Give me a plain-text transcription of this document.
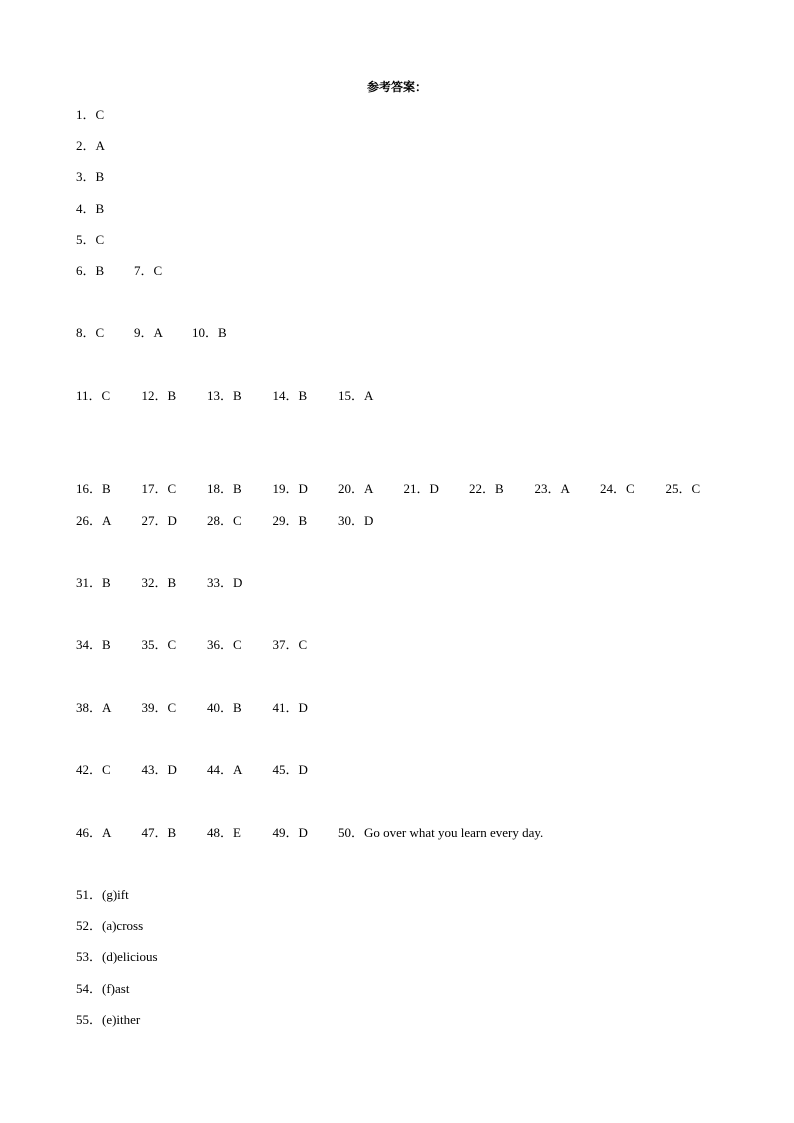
参考答案：
1．C
2．A
3．B
4．B
5．C
6．B 7．C
8．C 9．A 10．B
11．C 12．B 13．B 14．B 15．A
16．B 17．C 18．B 19．D 20．A 21．D 22．B 23．A 24．C 25．C
26．A 27．D 28．C 29．B 30．D
31．B 32．B 33．D
34．B 35．C 36．C 37．C
38．A 39．C 40．B 41．D
42．C 43．D 44．A 45．D
46．A 47．B 48．E 49．D 50．Go over what you learn every day.
51．(g)ift
52．(a)cross
53．(d)elicious
54．(f)ast
55．(e)ither
